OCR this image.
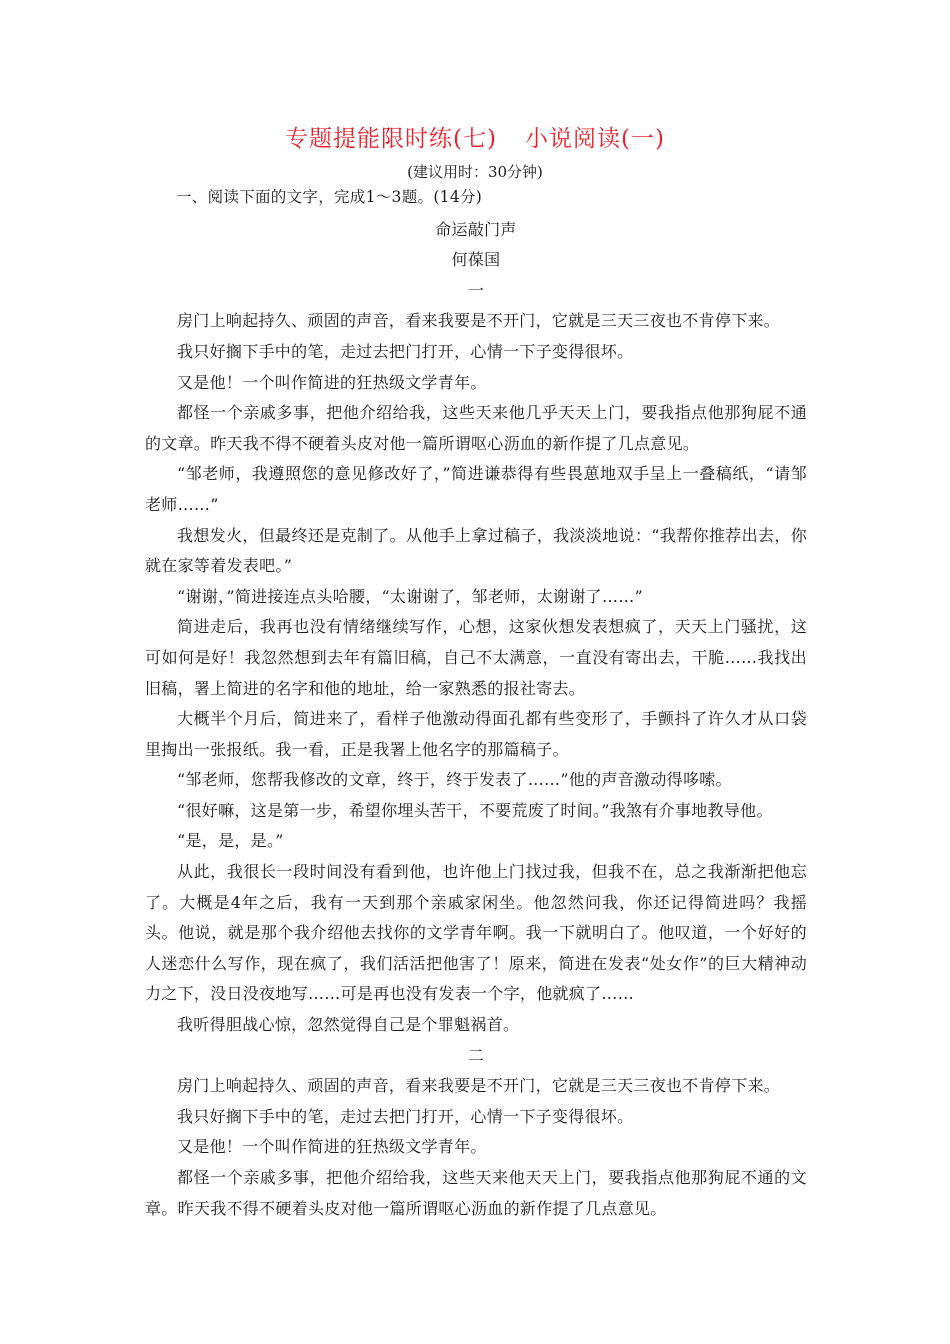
专题提能限时练(七) 小说阅读(一)
(建议用时：30分钟)

一、阅读下面的文字，完成1～3题。(14分)

命运敲门声

何葆国

一

房门上响起持久、顽固的声音，看来我要是不开门，它就是三天三夜也不肯停下来。

我只好搁下手中的笔，走过去把门打开，心情一下子变得很坏。

又是他！一个叫作简进的狂热级文学青年。

都怪一个亲戚多事，把他介绍给我，这些天来他几乎天天上门，要我指点他那狗屁不通的文章。昨天我不得不硬着头皮对他一篇所谓呕心沥血的新作提了几点意见。

“邹老师，我遵照您的意见修改好了，”简进谦恭得有些畏葸地双手呈上一叠稿纸，“请邹老师……”

我想发火，但最终还是克制了。从他手上拿过稿子，我淡淡地说：“我帮你推荐出去，你就在家等着发表吧。”

“谢谢，”简进接连点头哈腰，“太谢谢了，邹老师，太谢谢了……”

简进走后，我再也没有情绪继续写作，心想，这家伙想发表想疯了，天天上门骚扰，这可如何是好！我忽然想到去年有篇旧稿，自己不太满意，一直没有寄出去，干脆……我找出旧稿，署上简进的名字和他的地址，给一家熟悉的报社寄去。

大概半个月后，简进来了，看样子他激动得面孔都有些变形了，手颤抖了许久才从口袋里掏出一张报纸。我一看，正是我署上他名字的那篇稿子。

“邹老师，您帮我修改的文章，终于，终于发表了……”他的声音激动得哆嗦。

“很好嘛，这是第一步，希望你埋头苦干，不要荒废了时间。”我煞有介事地教导他。

“是，是，是。”

从此，我很长一段时间没有看到他，也许他上门找过我，但我不在，总之我渐渐把他忘了。大概是4年之后，我有一天到那个亲戚家闲坐。他忽然问我，你还记得简进吗？我摇头。他说，就是那个我介绍他去找你的文学青年啊。我一下就明白了。他叹道，一个好好的人迷恋什么写作，现在疯了，我们活活把他害了！原来，简进在发表“处女作”的巨大精神动力之下，没日没夜地写……可是再也没有发表一个字，他就疯了……

我听得胆战心惊，忽然觉得自己是个罪魁祸首。

二

房门上响起持久、顽固的声音，看来我要是不开门，它就是三天三夜也不肯停下来。

我只好搁下手中的笔，走过去把门打开，心情一下子变得很坏。

又是他！一个叫作简进的狂热级文学青年。

都怪一个亲戚多事，把他介绍给我，这些天来他天天上门，要我指点他那狗屁不通的文章。昨天我不得不硬着头皮对他一篇所谓呕心沥血的新作提了几点意见。
